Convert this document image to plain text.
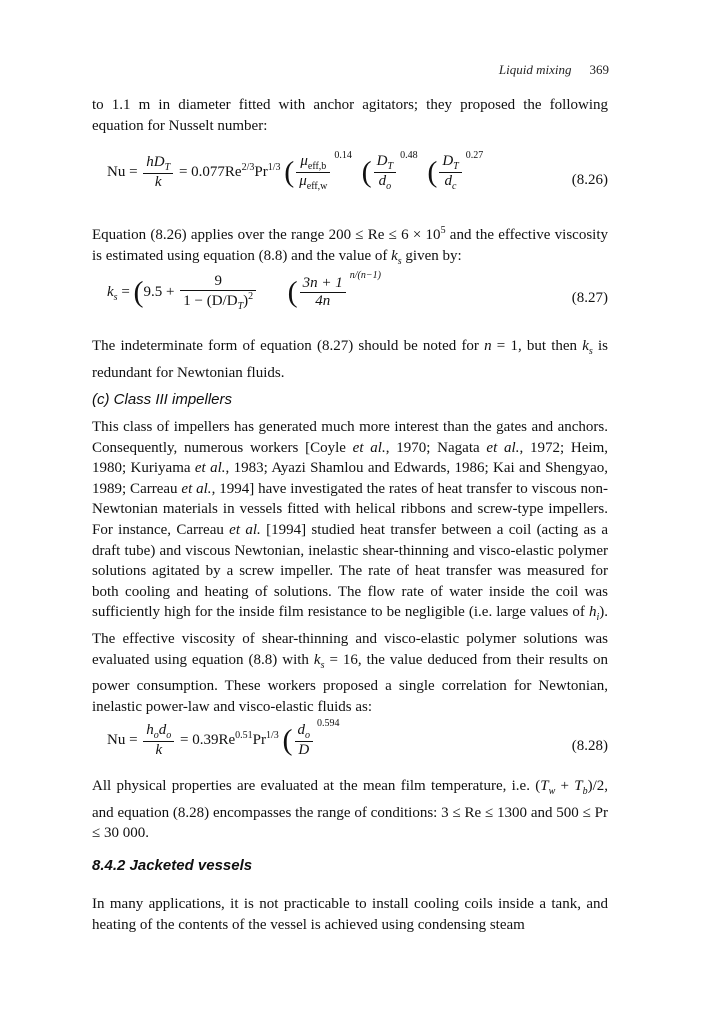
Liquid mixing 369
to 1.1 m in diameter fitted with anchor agitators; they proposed the following equation for Nusselt number:
$Nu = \frac{hD_T}{k} = 0.077Re^{2/3}Pr^{1/3}$ ( $\frac{\mu_{eff,b}}{\mu_{eff,w}} ^{0.14}$ ( $\frac{D_T}{d_o} ^{0.48}$ ( $\frac{D_T}{d_c} ^{0.27}$
(8.26)
Equation (8.26) applies over the range $200 \le Re \le 6 \times 10^5$ and the effective viscosity is estimated using equation (8.8) and the value of $k_s$ given by:
$k_s = (9.5 + \frac{9}{1 - (D/D_T)^2}$ ( $\frac{3n + 1}{4n} ^{n/(n-1)}$
(8.27)
The indeterminate form of equation (8.27) should be noted for n = 1, but then $k_s$ is redundant for Newtonian fluids.
(c) Class III impellers
This class of impellers has generated much more interest than the gates and anchors. Consequently, numerous workers [Coyle et al., 1970; Nagata et al., 1972; Heim, 1980; Kuriyama et al., 1983; Ayazi Shamlou and Edwards, 1986; Kai and Shengyao, 1989; Carreau et al., 1994] have investigated the rates of heat transfer to viscous non-Newtonian materials in vessels fitted with helical ribbons and screw-type impellers. For instance, Carreau et al. [1994] studied heat transfer between a coil (acting as a draft tube) and viscous Newtonian, inelastic shear-thinning and visco-elastic polymer solutions agitated by a screw impeller. The rate of heat transfer was measured for both cooling and heating of solutions. The flow rate of water inside the coil was sufficiently high for the inside film resistance to be negligible (i.e. large values of $h_i$). The effective viscosity of shear-thinning and visco-elastic polymer solutions was evaluated using equation (8.8) with $k_s = 16$, the value deduced from their results on power consumption. These workers proposed a single correlation for Newtonian, inelastic power-law and visco-elastic fluids as:
$Nu = \frac{h_od_o}{k} = 0.39Re^{0.51}Pr^{1/3}$ ( $\frac{d_o}{D} ^{0.594}$
(8.28)
All physical properties are evaluated at the mean film temperature, i.e. $(T_w + T_b)/2$, and equation (8.28) encompasses the range of conditions: 3 ≤ Re ≤ 1300 and 500 ≤ Pr ≤ 30 000.
8.4.2 Jacketed vessels
In many applications, it is not practicable to install cooling coils inside a tank, and heating of the contents of the vessel is achieved using condensing steam
